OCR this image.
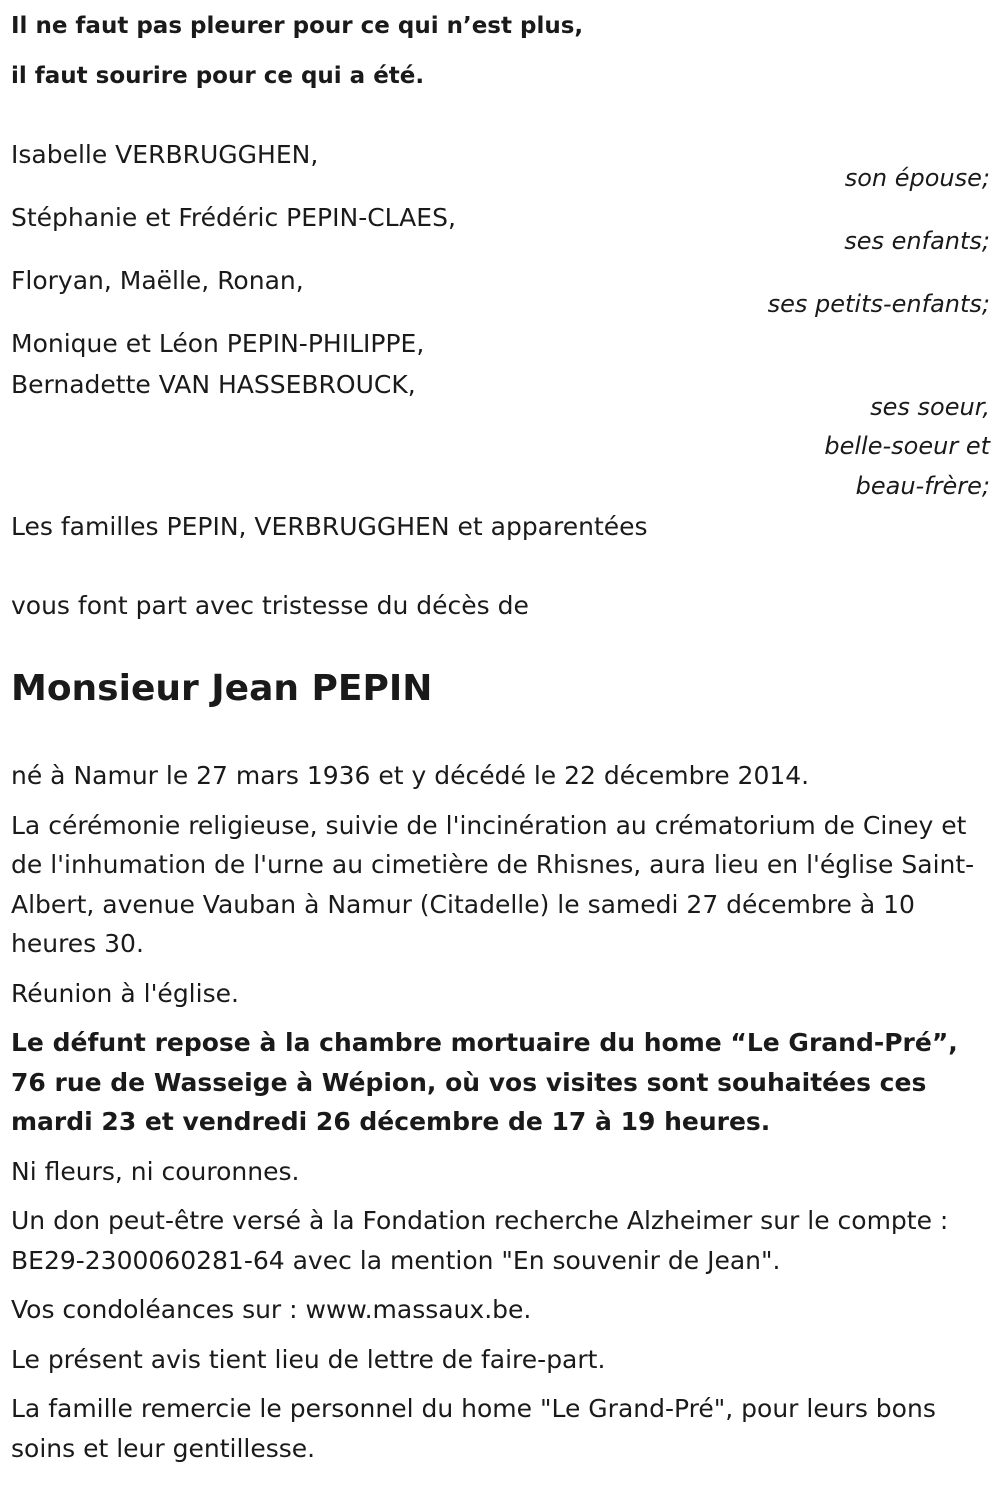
Il ne faut pas pleurer pour ce qui n’est plus,

il faut sourire pour ce qui a été.

Isabelle VERBRUGGHEN,
son épouse;
Stéphanie et Frédéric PEPIN-CLAES,
ses enfants;
Floryan, Maëlle, Ronan,
ses petits-enfants;
Monique et Léon PEPIN-PHILIPPE,
Bernadette VAN HASSEBROUCK,
ses soeur,
belle-soeur et
beau-frère;
Les familles PEPIN, VERBRUGGHEN et apparentées
vous font part avec tristesse du décès de
Monsieur Jean PEPIN

né à Namur le 27 mars 1936 et y décédé le 22 décembre 2014.

La cérémonie religieuse, suivie de l'incinération au crématorium de Ciney et de l'inhumation de l'urne au cimetière de Rhisnes, aura lieu en l'église Saint-Albert, avenue Vauban à Namur (Citadelle) le samedi 27 décembre à 10 heures 30.

Réunion à l'église.

Le défunt repose à la chambre mortuaire du home “Le Grand-Pré”, 76 rue de Wasseige à Wépion, où vos visites sont souhaitées ces mardi 23 et vendredi 26 décembre de 17 à 19 heures.

Ni fleurs, ni couronnes.

Un don peut-être versé à la Fondation recherche Alzheimer sur le compte : BE29-2300060281-64 avec la mention "En souvenir de Jean".

Vos condoléances sur : www.massaux.be.

Le présent avis tient lieu de lettre de faire-part.

La famille remercie le personnel du home "Le Grand-Pré", pour leurs bons soins et leur gentillesse.
